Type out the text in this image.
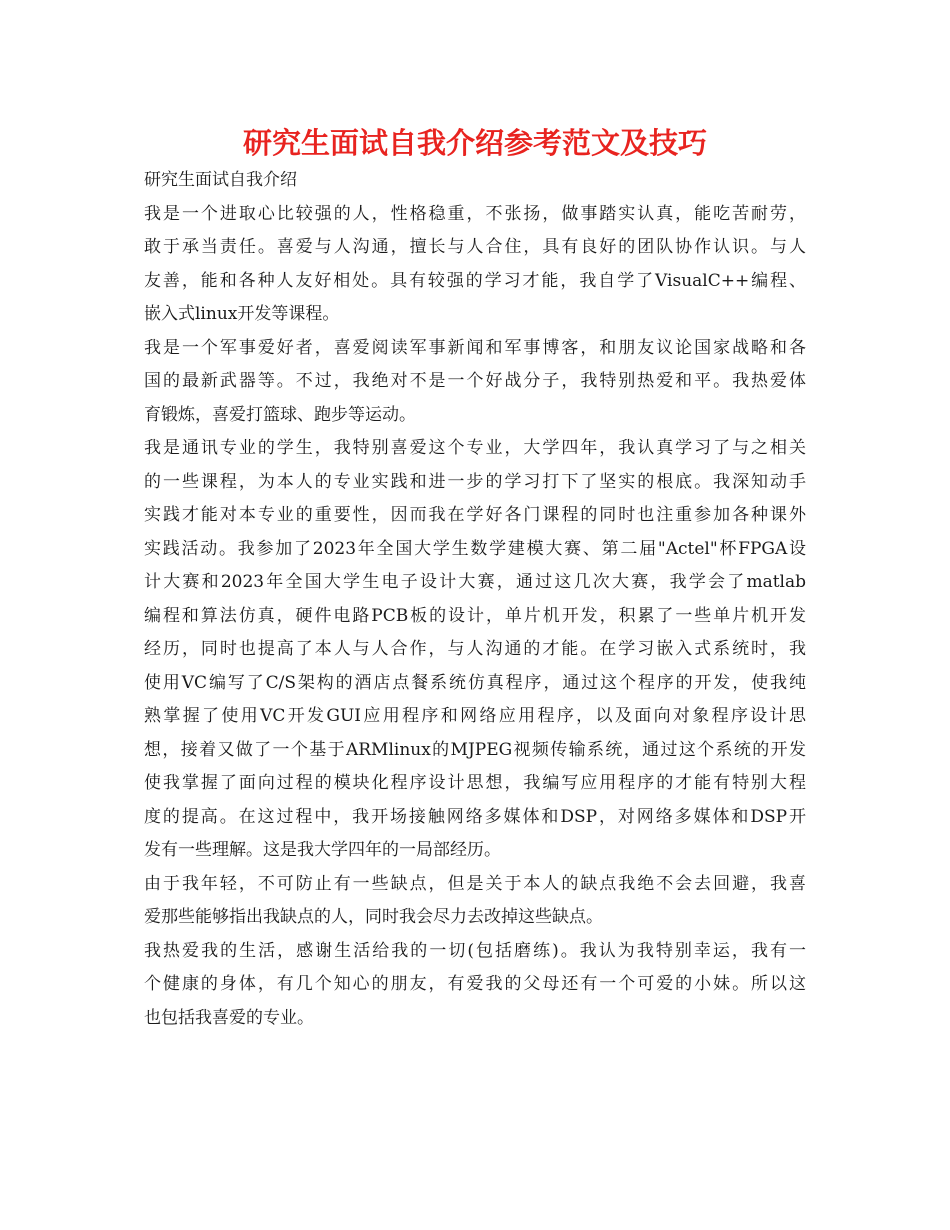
研究生面试自我介绍参考范文及技巧
研究生面试自我介绍
我是一个进取心比较强的人，性格稳重，不张扬，做事踏实认真，能吃苦耐劳，
敢于承当责任。喜爱与人沟通，擅长与人合住，具有良好的团队协作认识。与人
友善，能和各种人友好相处。具有较强的学习才能，我自学了VisualC++编程、
嵌入式linux开发等课程。
我是一个军事爱好者，喜爱阅读军事新闻和军事博客，和朋友议论国家战略和各
国的最新武器等。不过，我绝对不是一个好战分子，我特别热爱和平。我热爱体
育锻炼，喜爱打篮球、跑步等运动。
我是通讯专业的学生，我特别喜爱这个专业，大学四年，我认真学习了与之相关
的一些课程，为本人的专业实践和进一步的学习打下了坚实的根底。我深知动手
实践才能对本专业的重要性，因而我在学好各门课程的同时也注重参加各种课外
实践活动。我参加了2023年全国大学生数学建模大赛、第二届"Actel"杯FPGA设
计大赛和2023年全国大学生电子设计大赛，通过这几次大赛，我学会了matlab
编程和算法仿真，硬件电路PCB板的设计，单片机开发，积累了一些单片机开发
经历，同时也提高了本人与人合作，与人沟通的才能。在学习嵌入式系统时，我
使用VC编写了C/S架构的酒店点餐系统仿真程序，通过这个程序的开发，使我纯
熟掌握了使用VC开发GUI应用程序和网络应用程序，以及面向对象程序设计思
想，接着又做了一个基于ARMlinux的MJPEG视频传输系统，通过这个系统的开发
使我掌握了面向过程的模块化程序设计思想，我编写应用程序的才能有特别大程
度的提高。在这过程中，我开场接触网络多媒体和DSP，对网络多媒体和DSP开
发有一些理解。这是我大学四年的一局部经历。
由于我年轻，不可防止有一些缺点，但是关于本人的缺点我绝不会去回避，我喜
爱那些能够指出我缺点的人，同时我会尽力去改掉这些缺点。
我热爱我的生活，感谢生活给我的一切(包括磨练)。我认为我特别幸运，我有一
个健康的身体，有几个知心的朋友，有爱我的父母还有一个可爱的小妹。所以这
也包括我喜爱的专业。
